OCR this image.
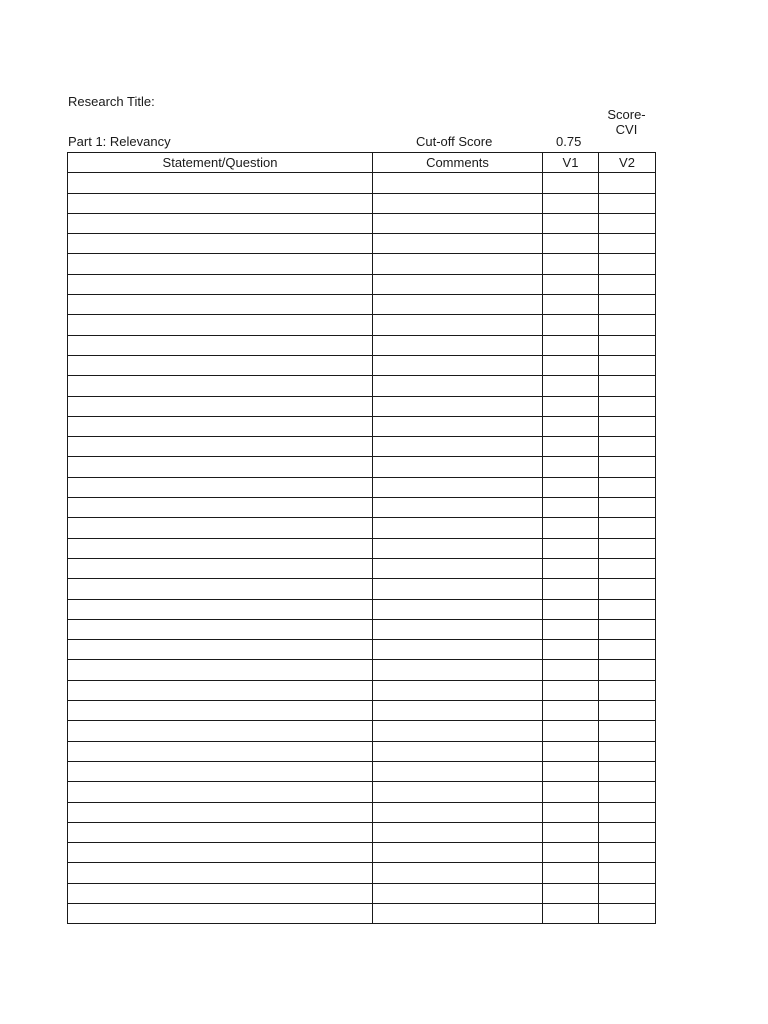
Research Title:
Part 1: Relevancy	Cut-off Score	0.75
Score-
CVI
Statement/Question	Comments	V1	V2
